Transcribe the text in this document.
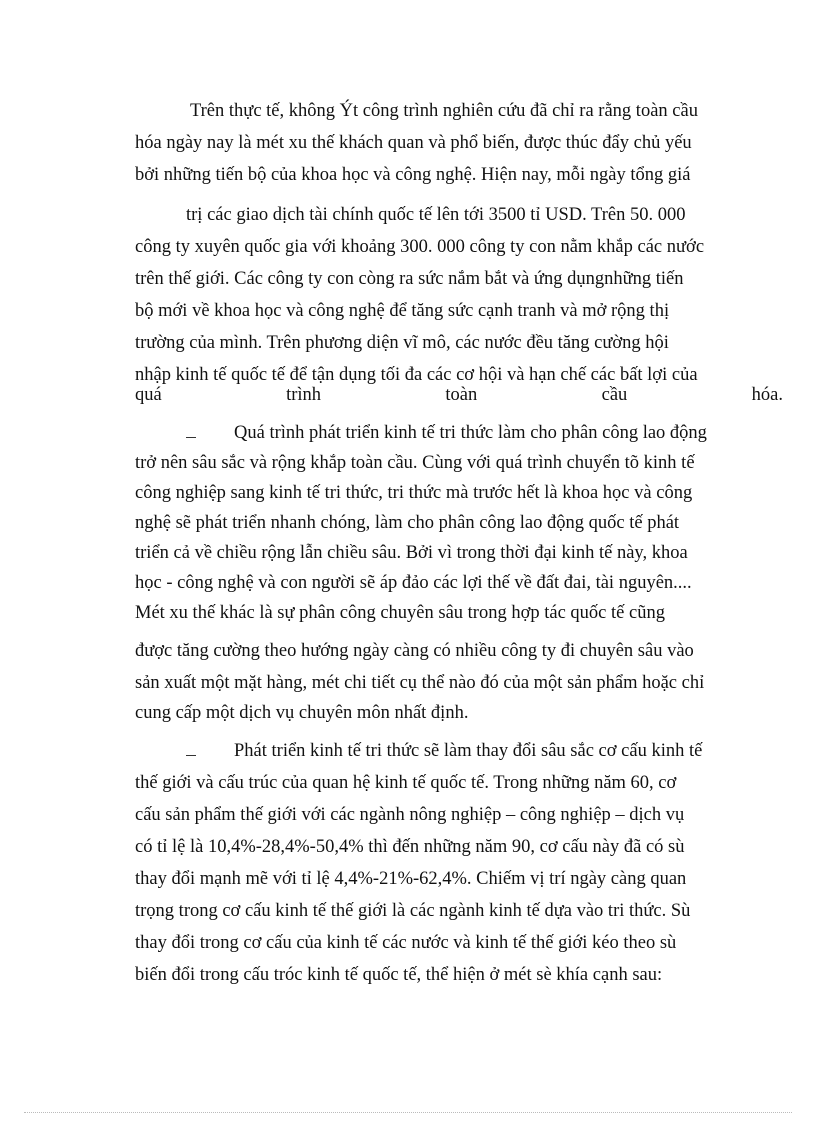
Trên thực tế, không Ýt công trình nghiên cứu đã chỉ ra rằng toàn cầu
hóa ngày nay là mét xu thế khách quan và phổ biến, được thúc đẩy chủ yếu
bởi những tiến bộ của khoa học và công nghệ. Hiện nay, mỗi ngày tổng giá
trị các giao dịch tài chính quốc tế lên tới 3500 tỉ USD. Trên 50. 000
công ty xuyên quốc gia với khoảng 300. 000 công ty con nằm khắp các nước
trên thế giới. Các công ty con còng ra sức nắm bắt và ứng dụngnhững tiến
bộ mới về khoa học và công nghệ để tăng sức cạnh tranh và mở rộng thị
trường của mình. Trên phương diện vĩ mô, các nước đều tăng cường hội
nhập kinh tế quốc tế để tận dụng tối đa các cơ hội và hạn chế các bất lợi của
quá	trình	toàn	cầu	hóa.
Quá trình phát triển kinh tế tri thức làm cho phân công lao động
trở nên sâu sắc và rộng khắp toàn cầu. Cùng với quá trình chuyển tõ kinh tế
công nghiệp sang kinh tế tri thức, tri thức mà trước hết là khoa học và công
nghệ sẽ phát triển nhanh chóng, làm cho phân công lao động quốc tế phát
triển cả về chiều rộng lẫn chiều sâu. Bởi vì trong thời đại kinh tế này, khoa
học - công nghệ và con người sẽ áp đảo các lợi thế về đất đai, tài nguyên....
Mét xu thế khác là sự phân công chuyên sâu trong hợp tác quốc tế cũng
được tăng cường theo hướng ngày càng có nhiều công ty đi chuyên sâu vào
sản xuất một mặt hàng, mét chi tiết cụ thể nào đó của một sản phẩm hoặc chỉ
cung cấp một dịch vụ chuyên môn nhất định.
Phát triển kinh tế tri thức sẽ làm thay đổi sâu sắc cơ cấu kinh tế
thế giới và cấu trúc của quan hệ kinh tế quốc tế. Trong những năm 60, cơ
cấu sản phẩm thế giới với các ngành nông nghiệp – công nghiệp – dịch vụ
có tỉ lệ là 10,4%-28,4%-50,4% thì đến những năm 90, cơ cấu này đã có sù
thay đổi mạnh mẽ với tỉ lệ 4,4%-21%-62,4%. Chiếm vị trí ngày càng quan
trọng trong cơ cấu kinh tế thế giới là các ngành kinh tế dựa vào tri thức. Sù
thay đổi trong cơ cấu của kinh tế các nước và kinh tế thế giới kéo theo sù
biến đổi trong cấu tróc kinh tế quốc tế, thể hiện ở mét sè khía cạnh sau:
